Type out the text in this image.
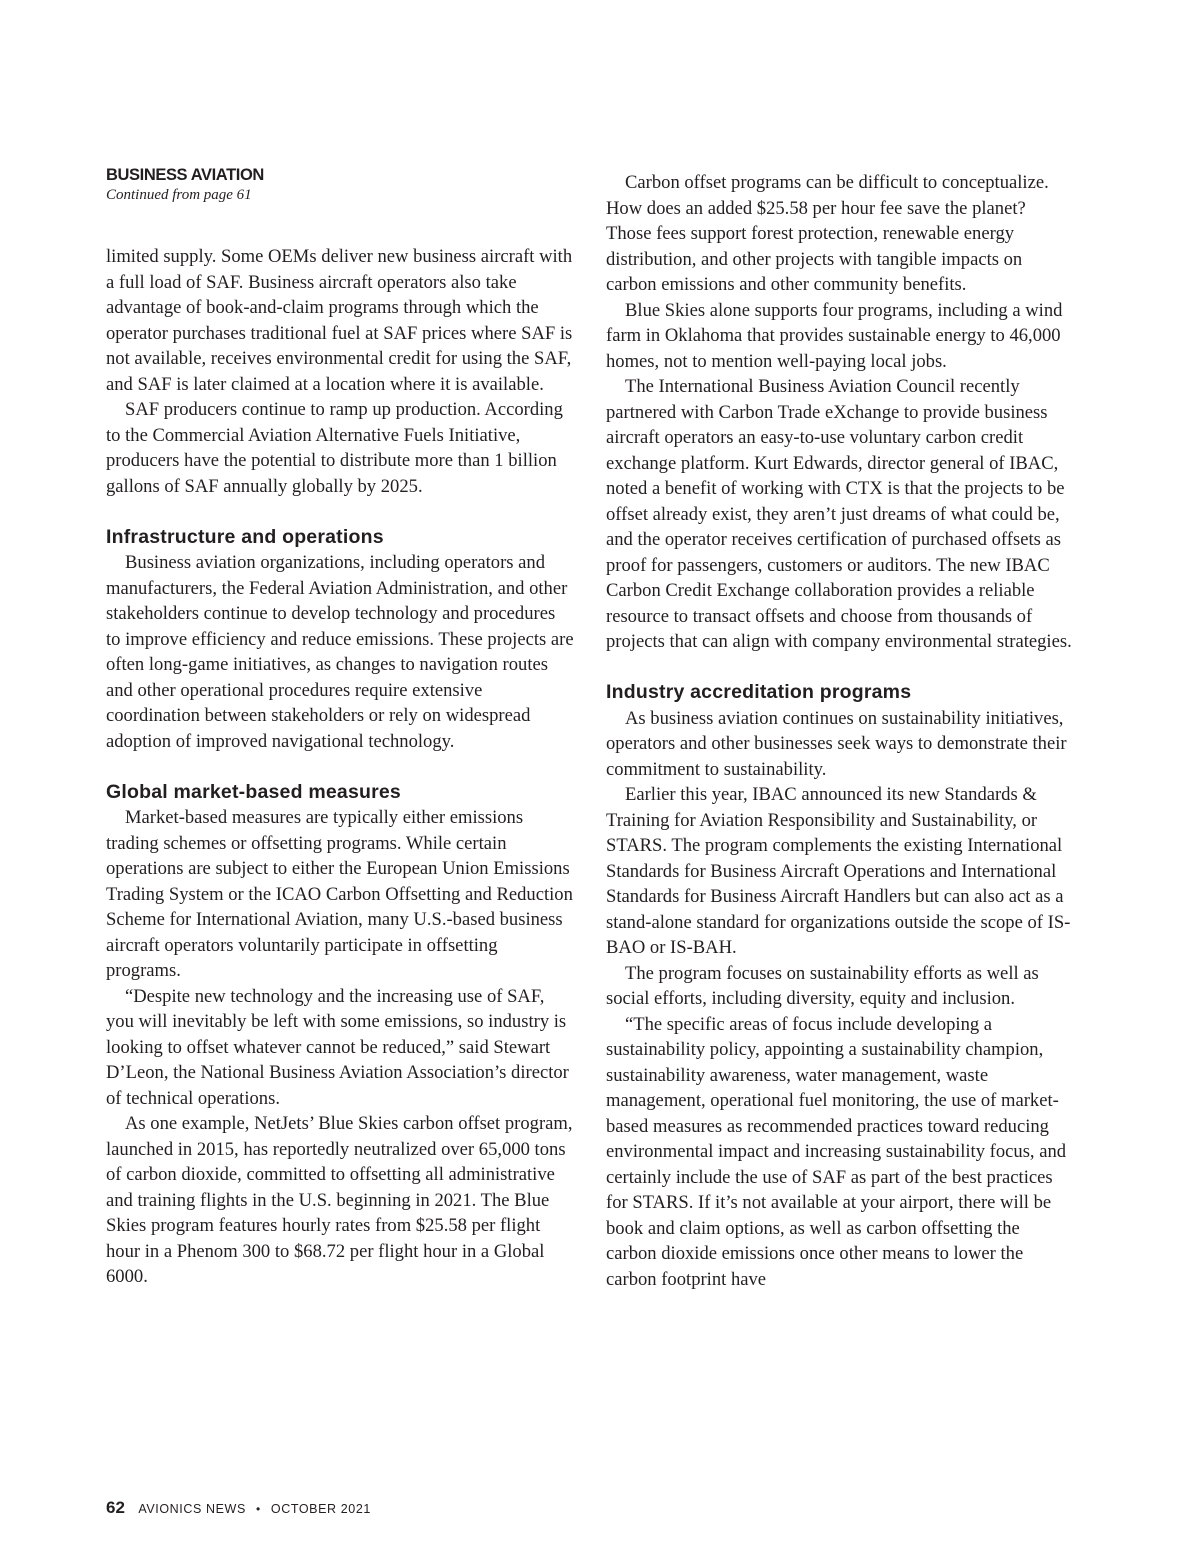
BUSINESS AVIATION
Continued from page 61

limited supply. Some OEMs deliver new business aircraft with a full load of SAF. Business aircraft operators also take advantage of book-and-claim programs through which the operator purchases traditional fuel at SAF prices where SAF is not available, receives environmental credit for using the SAF, and SAF is later claimed at a location where it is available.

SAF producers continue to ramp up production. According to the Commercial Aviation Alternative Fuels Initiative, producers have the potential to distribute more than 1 billion gallons of SAF annually globally by 2025.

Infrastructure and operations

Business aviation organizations, including operators and manufacturers, the Federal Aviation Administration, and other stakeholders continue to develop technology and procedures to improve efficiency and reduce emissions. These projects are often long-game initiatives, as changes to navigation routes and other operational procedures require extensive coordination between stakeholders or rely on widespread adoption of improved navigational technology.

Global market-based measures

Market-based measures are typically either emissions trading schemes or offsetting programs. While certain operations are subject to either the European Union Emissions Trading System or the ICAO Carbon Offsetting and Reduction Scheme for International Aviation, many U.S.-based business aircraft operators voluntarily participate in offsetting programs.

“Despite new technology and the increasing use of SAF, you will inevitably be left with some emissions, so industry is looking to offset whatever cannot be reduced,” said Stewart D’Leon, the National Business Aviation Association’s director of technical operations.

As one example, NetJets’ Blue Skies carbon offset program, launched in 2015, has reportedly neutralized over 65,000 tons of carbon dioxide, committed to offsetting all administrative and training flights in the U.S. beginning in 2021. The Blue Skies program features hourly rates from $25.58 per flight hour in a Phenom 300 to $68.72 per flight hour in a Global 6000.

Carbon offset programs can be difficult to conceptualize. How does an added $25.58 per hour fee save the planet? Those fees support forest protection, renewable energy distribution, and other projects with tangible impacts on carbon emissions and other community benefits.

Blue Skies alone supports four programs, including a wind farm in Oklahoma that provides sustainable energy to 46,000 homes, not to mention well-paying local jobs.

The International Business Aviation Council recently partnered with Carbon Trade eXchange to provide business aircraft operators an easy-to-use voluntary carbon credit exchange platform. Kurt Edwards, director general of IBAC, noted a benefit of working with CTX is that the projects to be offset already exist, they aren’t just dreams of what could be, and the operator receives certification of purchased offsets as proof for passengers, customers or auditors. The new IBAC Carbon Credit Exchange collaboration provides a reliable resource to transact offsets and choose from thousands of projects that can align with company environmental strategies.

Industry accreditation programs

As business aviation continues on sustainability initiatives, operators and other businesses seek ways to demonstrate their commitment to sustainability.

Earlier this year, IBAC announced its new Standards & Training for Aviation Responsibility and Sustainability, or STARS. The program complements the existing International Standards for Business Aircraft Operations and International Standards for Business Aircraft Handlers but can also act as a stand-alone standard for organizations outside the scope of IS-BAO or IS-BAH.

The program focuses on sustainability efforts as well as social efforts, including diversity, equity and inclusion.

“The specific areas of focus include developing a sustainability policy, appointing a sustainability champion, sustainability awareness, water management, waste management, operational fuel monitoring, the use of market-based measures as recommended practices toward reducing environmental impact and increasing sustainability focus, and certainly include the use of SAF as part of the best practices for STARS. If it’s not available at your airport, there will be book and claim options, as well as carbon offsetting the carbon dioxide emissions once other means to lower the carbon footprint have

62 AVIONICS NEWS • OCTOBER 2021
